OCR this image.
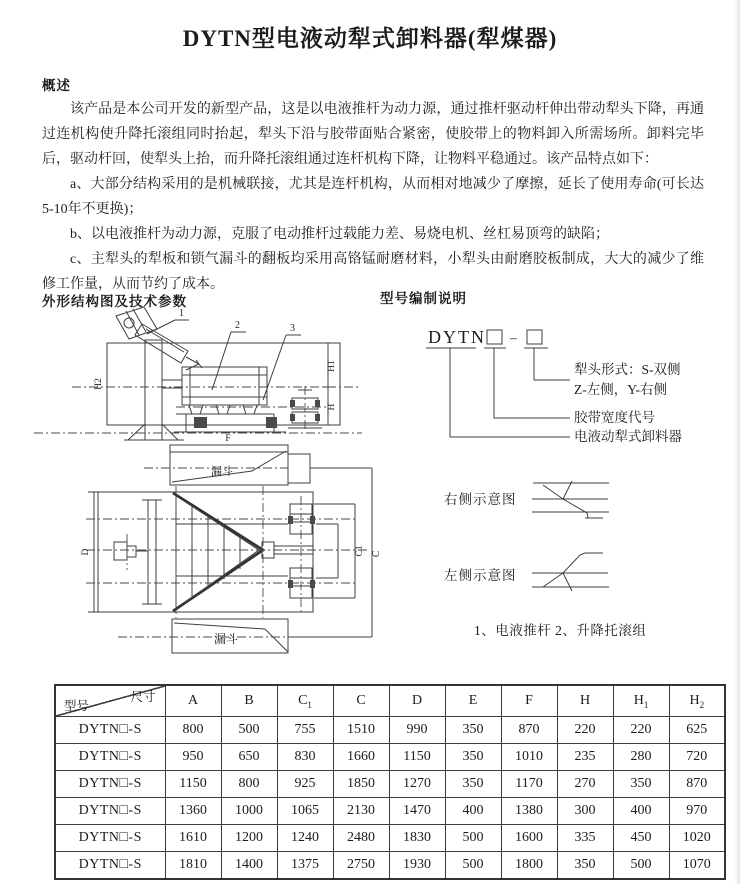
DYTN型电液动犁式卸料器(犁煤器)
概述

该产品是本公司开发的新型产品，这是以电液推杆为动力源，通过推杆驱动杆伸出带动犁头下降，再通过连机构使升降托滚组同时抬起，犁头下沿与胶带面贴合紧密，使胶带上的物料卸入所需场所。卸料完毕后，驱动杆回，使犁头上抬，而升降托滚组通过连杆机构下降，让物料平稳通过。该产品特点如下：

a、大部分结构采用的是机械联接，尤其是连杆机构，从而相对地减少了摩擦，延长了使用寿命(可长达5-10年不更换)；

b、以电液推杆为动力源，克服了电动推杆过载能力差、易烧电机、丝杠易顶弯的缺陷；

c、主犁头的犁板和锁气漏斗的翻板均采用高铬锰耐磨材料，小犁头由耐磨胶板制成，大大的减少了维修工作量，从而节约了成本。

外形结构图及技术参数	型号编制说明
1
2	3
H2
H1
H
F
漏斗
D	C1 C
漏斗
DYTN –
犁头形式：S-双侧
Z-左侧，Y-右侧
胶带宽度代号
电液动犁式卸料器
右侧示意图
左侧示意图
1、电液推杆 2、升降托滚组
尺寸
型号	A	B	$C_1$	C	D	E	F	H	$H_1$	$H_2$
DYTN□-S	800	500	755	1510	990	350	870	220	220	625
DYTN□-S	950	650	830	1660	1150	350	1010	235	280	720
DYTN□-S	1150	800	925	1850	1270	350	1170	270	350	870
DYTN□-S	1360	1000	1065	2130	1470	400	1380	300	400	970
DYTN□-S	1610	1200	1240	2480	1830	500	1600	335	450	1020
DYTN□-S	1810	1400	1375	2750	1930	500	1800	350	500	1070
